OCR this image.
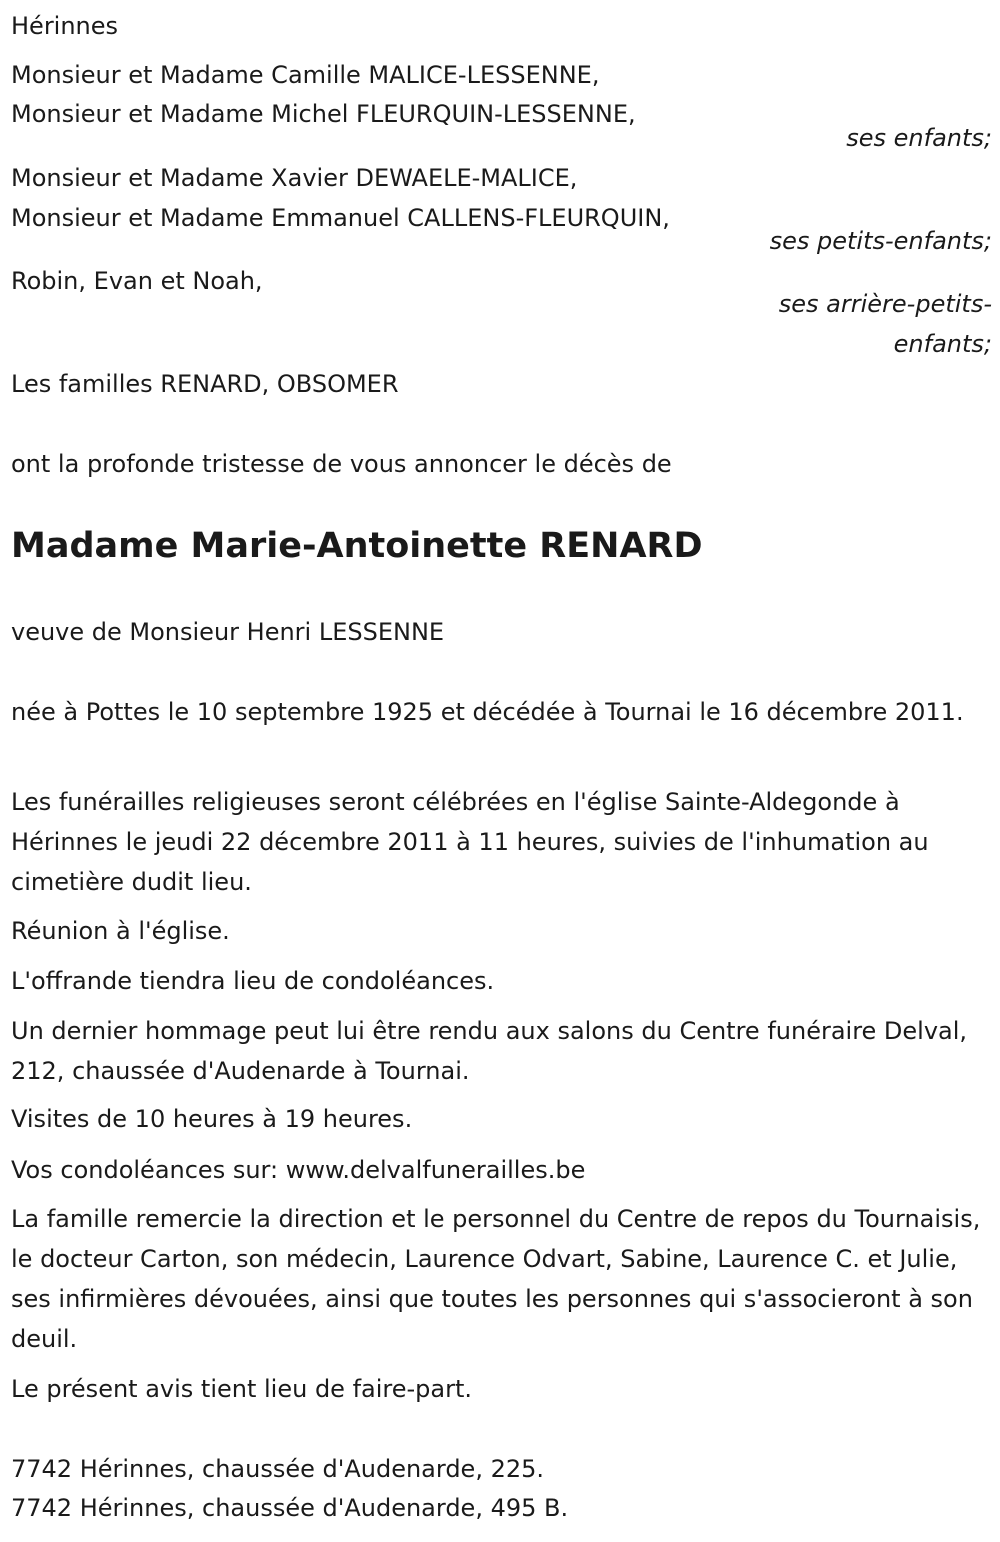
Hérinnes

Monsieur et Madame Camille MALICE-LESSENNE,

Monsieur et Madame Michel FLEURQUIN-LESSENNE,

ses enfants;

Monsieur et Madame Xavier DEWAELE-MALICE,

Monsieur et Madame Emmanuel CALLENS-FLEURQUIN,

ses petits-enfants;

Robin, Evan et Noah,

ses arrière-petits-
enfants;

Les familles RENARD, OBSOMER

ont la profonde tristesse de vous annoncer le décès de

Madame Marie-Antoinette RENARD

veuve de Monsieur Henri LESSENNE

née à Pottes le 10 septembre 1925 et décédée à Tournai le 16 décembre 2011.

Les funérailles religieuses seront célébrées en l'église Sainte-Aldegonde à Hérinnes le jeudi 22 décembre 2011 à 11 heures, suivies de l'inhumation au cimetière dudit lieu.

Réunion à l'église.

L'offrande tiendra lieu de condoléances.

Un dernier hommage peut lui être rendu aux salons du Centre funéraire Delval, 212, chaussée d'Audenarde à Tournai.

Visites de 10 heures à 19 heures.

Vos condoléances sur: www.delvalfunerailles.be

La famille remercie la direction et le personnel du Centre de repos du Tournaisis, le docteur Carton, son médecin, Laurence Odvart, Sabine, Laurence C. et Julie, ses infirmières dévouées, ainsi que toutes les personnes qui s'associeront à son deuil.

Le présent avis tient lieu de faire-part.

7742 Hérinnes, chaussée d'Audenarde, 225.

7742 Hérinnes, chaussée d'Audenarde, 495 B.
